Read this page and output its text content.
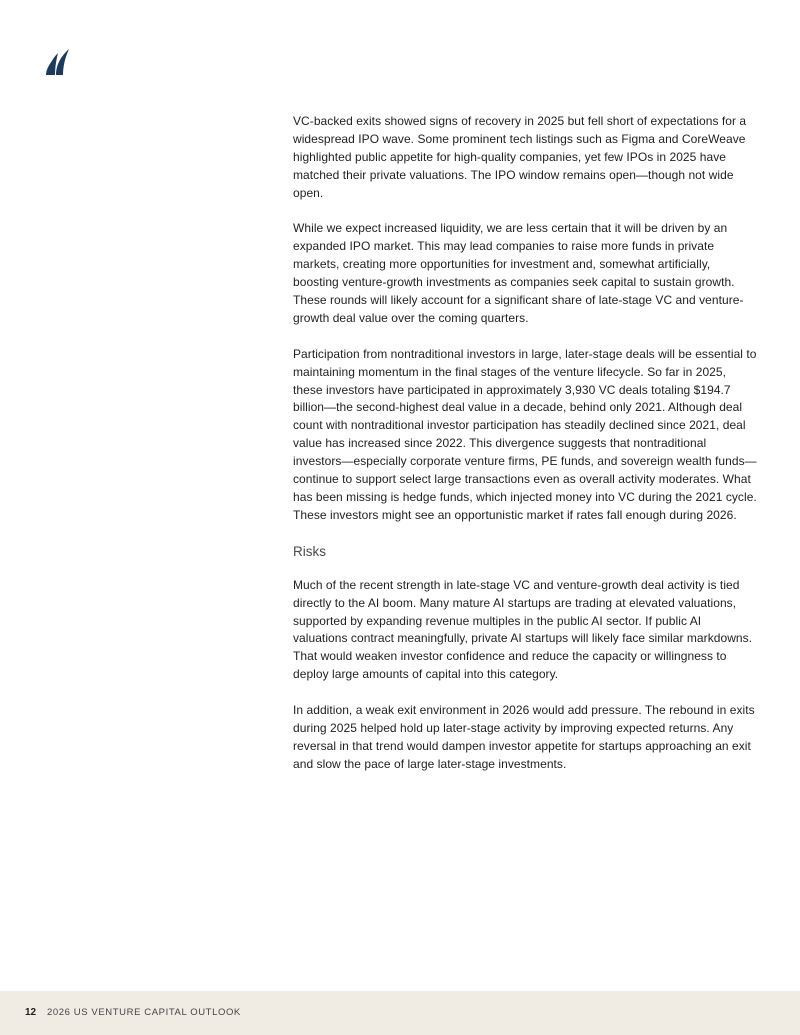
VC-backed exits showed signs of recovery in 2025 but fell short of expectations for a widespread IPO wave. Some prominent tech listings such as Figma and CoreWeave highlighted public appetite for high-quality companies, yet few IPOs in 2025 have matched their private valuations. The IPO window remains open—though not wide open.

While we expect increased liquidity, we are less certain that it will be driven by an expanded IPO market. This may lead companies to raise more funds in private markets, creating more opportunities for investment and, somewhat artificially, boosting venture-growth investments as companies seek capital to sustain growth. These rounds will likely account for a significant share of late-stage VC and venture-growth deal value over the coming quarters.

Participation from nontraditional investors in large, later-stage deals will be essential to maintaining momentum in the final stages of the venture lifecycle. So far in 2025, these investors have participated in approximately 3,930 VC deals totaling $194.7 billion—the second-highest deal value in a decade, behind only 2021. Although deal count with nontraditional investor participation has steadily declined since 2021, deal value has increased since 2022. This divergence suggests that nontraditional investors—especially corporate venture firms, PE funds, and sovereign wealth funds—continue to support select large transactions even as overall activity moderates. What has been missing is hedge funds, which injected money into VC during the 2021 cycle. These investors might see an opportunistic market if rates fall enough during 2026.

Risks

Much of the recent strength in late-stage VC and venture-growth deal activity is tied directly to the AI boom. Many mature AI startups are trading at elevated valuations, supported by expanding revenue multiples in the public AI sector. If public AI valuations contract meaningfully, private AI startups will likely face similar markdowns. That would weaken investor confidence and reduce the capacity or willingness to deploy large amounts of capital into this category.

In addition, a weak exit environment in 2026 would add pressure. The rebound in exits during 2025 helped hold up later-stage activity by improving expected returns. Any reversal in that trend would dampen investor appetite for startups approaching an exit and slow the pace of large later-stage investments.

12 2026 US VENTURE CAPITAL OUTLOOK
